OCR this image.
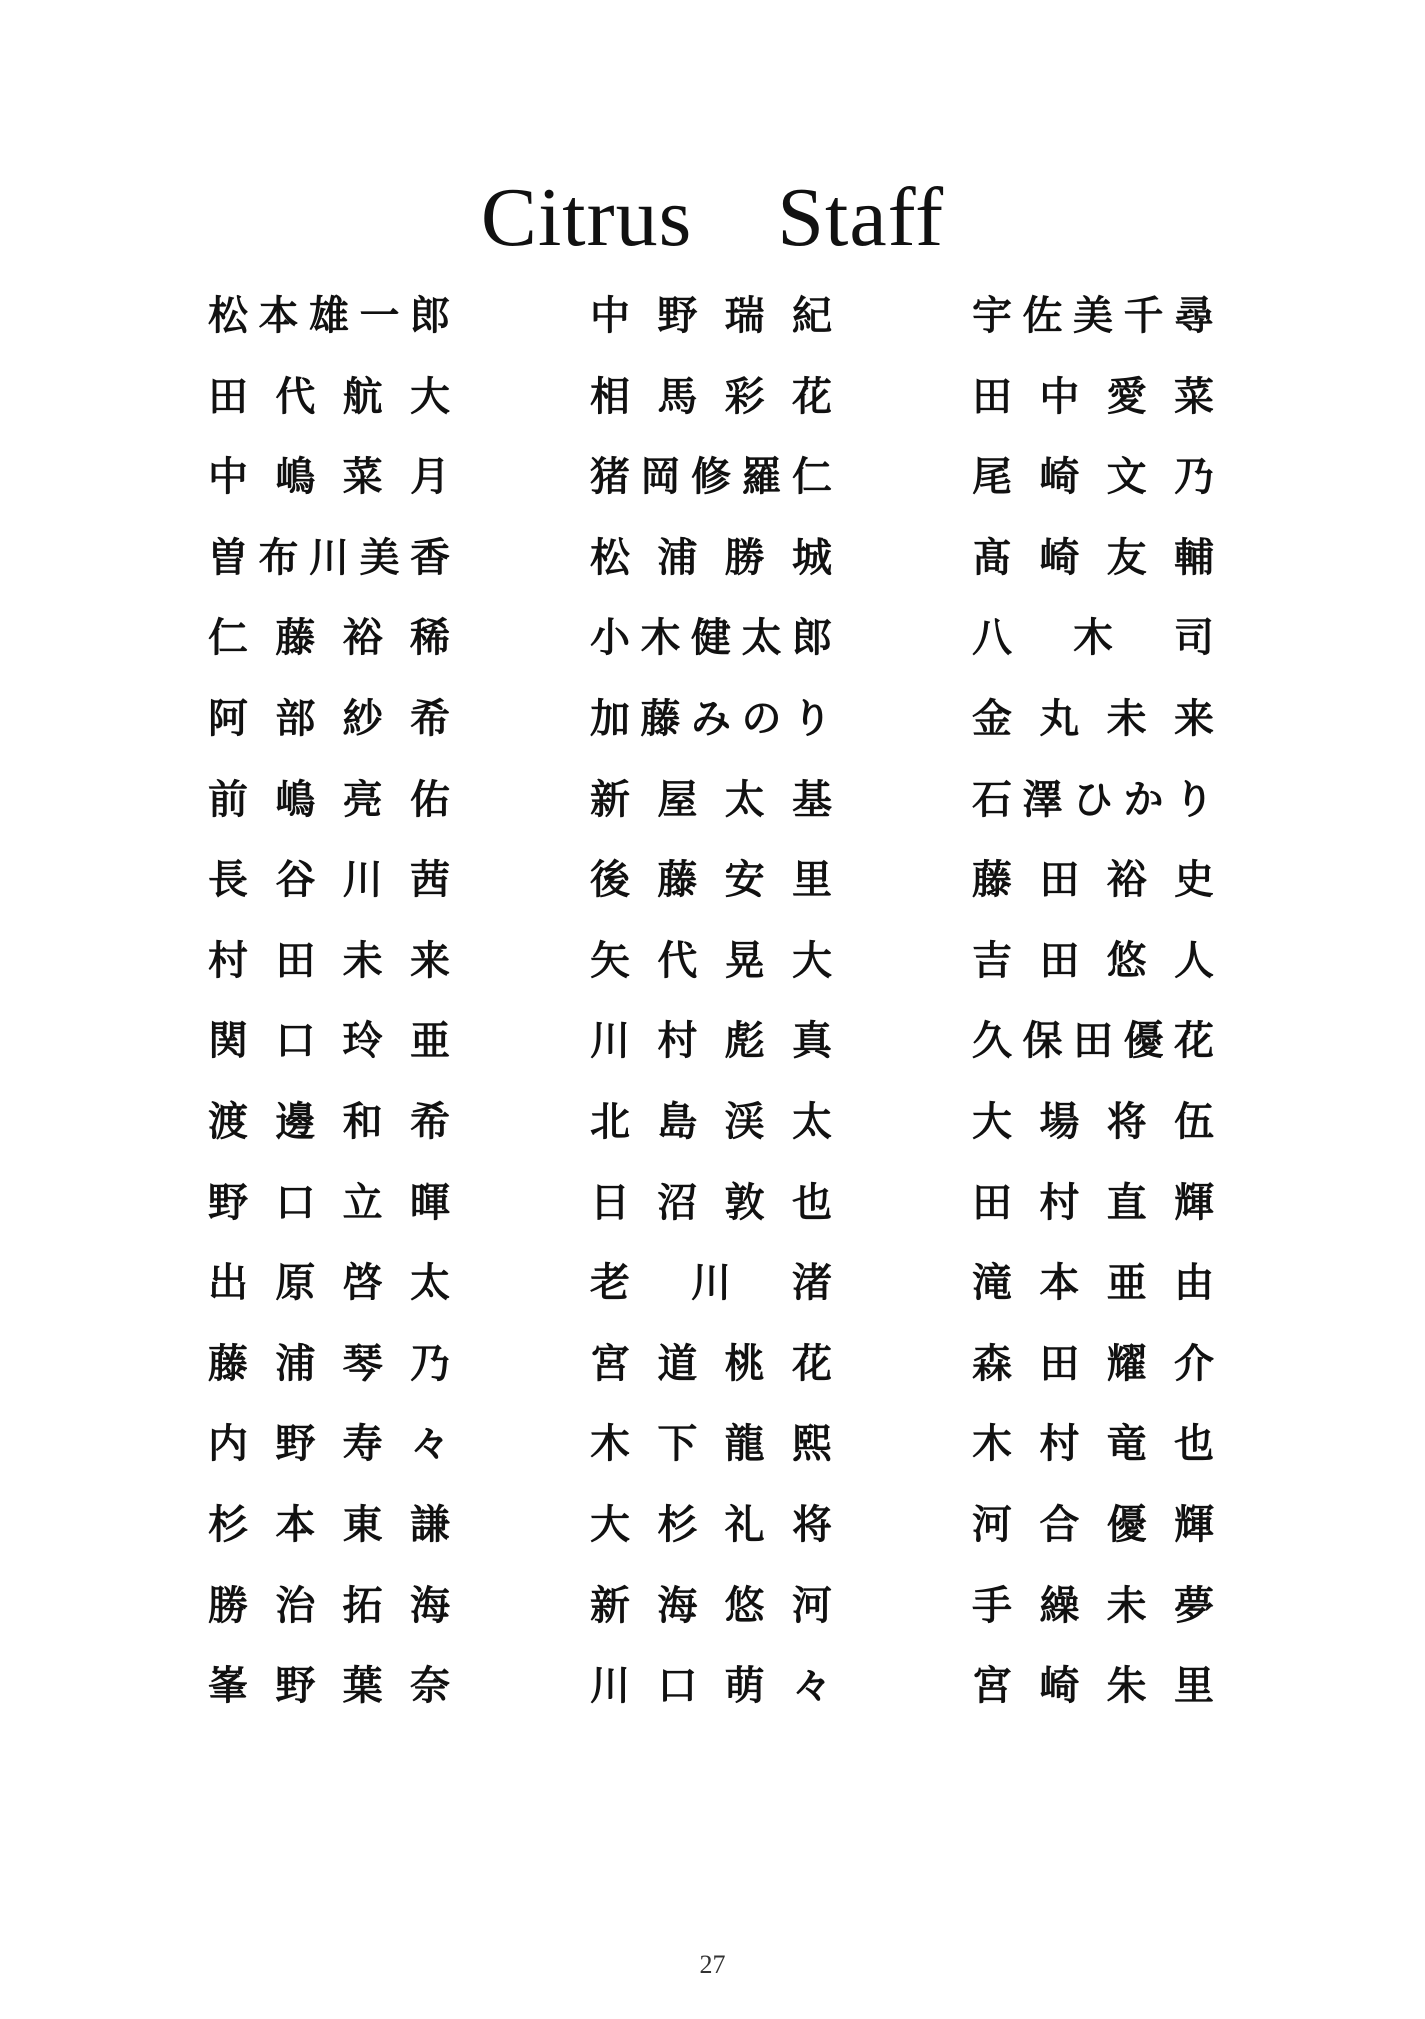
Citrus　Staff
松 本 雄 一 郎	中 野 瑞 紀	宇 佐 美 千 尋
田 代 航 大	相 馬 彩 花	田 中 愛 菜
中 嶋 菜 月	猪 岡 修 羅 仁	尾 崎 文 乃
曽 布 川 美 香	松 浦 勝 城	髙 崎 友 輔
仁 藤 裕 稀	小 木 健 太 郎	八 木 司
阿 部 紗 希	加 藤 み の り	金 丸 未 来
前 嶋 亮 佑	新 屋 太 基	石 澤 ひ か り
長 谷 川 茜	後 藤 安 里	藤 田 裕 史
村 田 未 来	矢 代 晃 大	吉 田 悠 人
関 口 玲 亜	川 村 彪 真	久 保 田 優 花
渡 邊 和 希	北 島 渓 太	大 場 将 伍
野 口 立 暉	日 沼 敦 也	田 村 直 輝
出 原 啓 太	老 川 渚	滝 本 亜 由
藤 浦 琴 乃	宮 道 桃 花	森 田 耀 介
内 野 寿 々	木 下 龍 熙	木 村 竜 也
杉 本 東 謙	大 杉 礼 将	河 合 優 輝
勝 治 拓 海	新 海 悠 河	手 繰 未 夢
峯 野 葉 奈	川 口 萌 々	宮 崎 朱 里
27
